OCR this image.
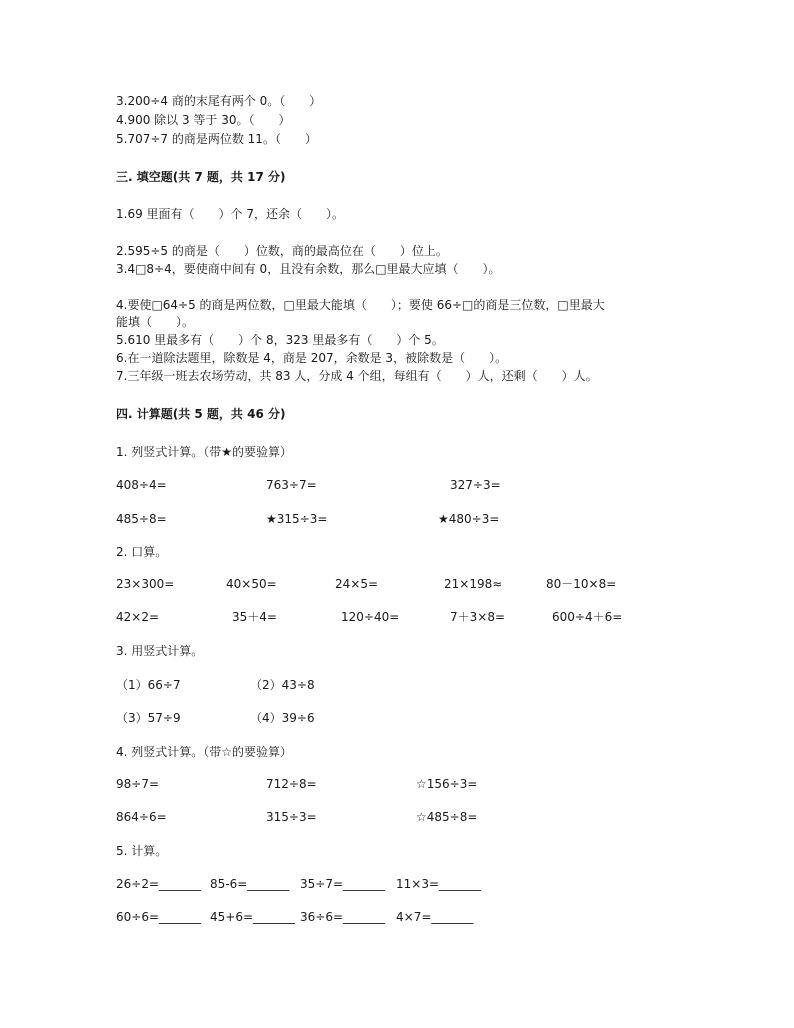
3.200÷4 商的末尾有两个 0。（　　）
4.900 除以 3 等于 30。（　　）
5.707÷7 的商是两位数 11。（　　）
三. 填空题(共 7 题，共 17 分)
1.69 里面有（　　）个 7，还余（　　）。
2.595÷5 的商是（　　）位数，商的最高位在（　　）位上。
3.4□8÷4，要使商中间有 0，且没有余数，那么□里最大应填（　　）。
4.要使□64÷5 的商是两位数，□里最大能填（　　）；要使 66÷□的商是三位数，□里最大
能填（　　）。
5.610 里最多有（　　）个 8，323 里最多有（　　）个 5。
6.在一道除法题里，除数是 4，商是 207，余数是 3，被除数是（　　）。
7.三年级一班去农场劳动，共 83 人，分成 4 个组，每组有（　　）人，还剩（　　）人。
四. 计算题(共 5 题，共 46 分)
1. 列竖式计算。（带★的要验算）
408÷4=	763÷7=	327÷3=
485÷8=	★315÷3=	★480÷3=
2. 口算。
23×300=	40×50=	24×5=	21×198≈	80－10×8=
42×2=	35＋4=	120÷40=	7＋3×8=	600÷4＋6=
3. 用竖式计算。
（1）66÷7	（2）43÷8
（3）57÷9	（4）39÷6
4. 列竖式计算。（带☆的要验算）
98÷7=	712÷8=	☆156÷3=
864÷6=	315÷3=	☆485÷8=
5. 计算。
26÷2=_______ 85-6=_______ 35÷7=_______ 11×3=_______
60÷6=_______ 45+6=_______ 36÷6=_______ 4×7=_______
